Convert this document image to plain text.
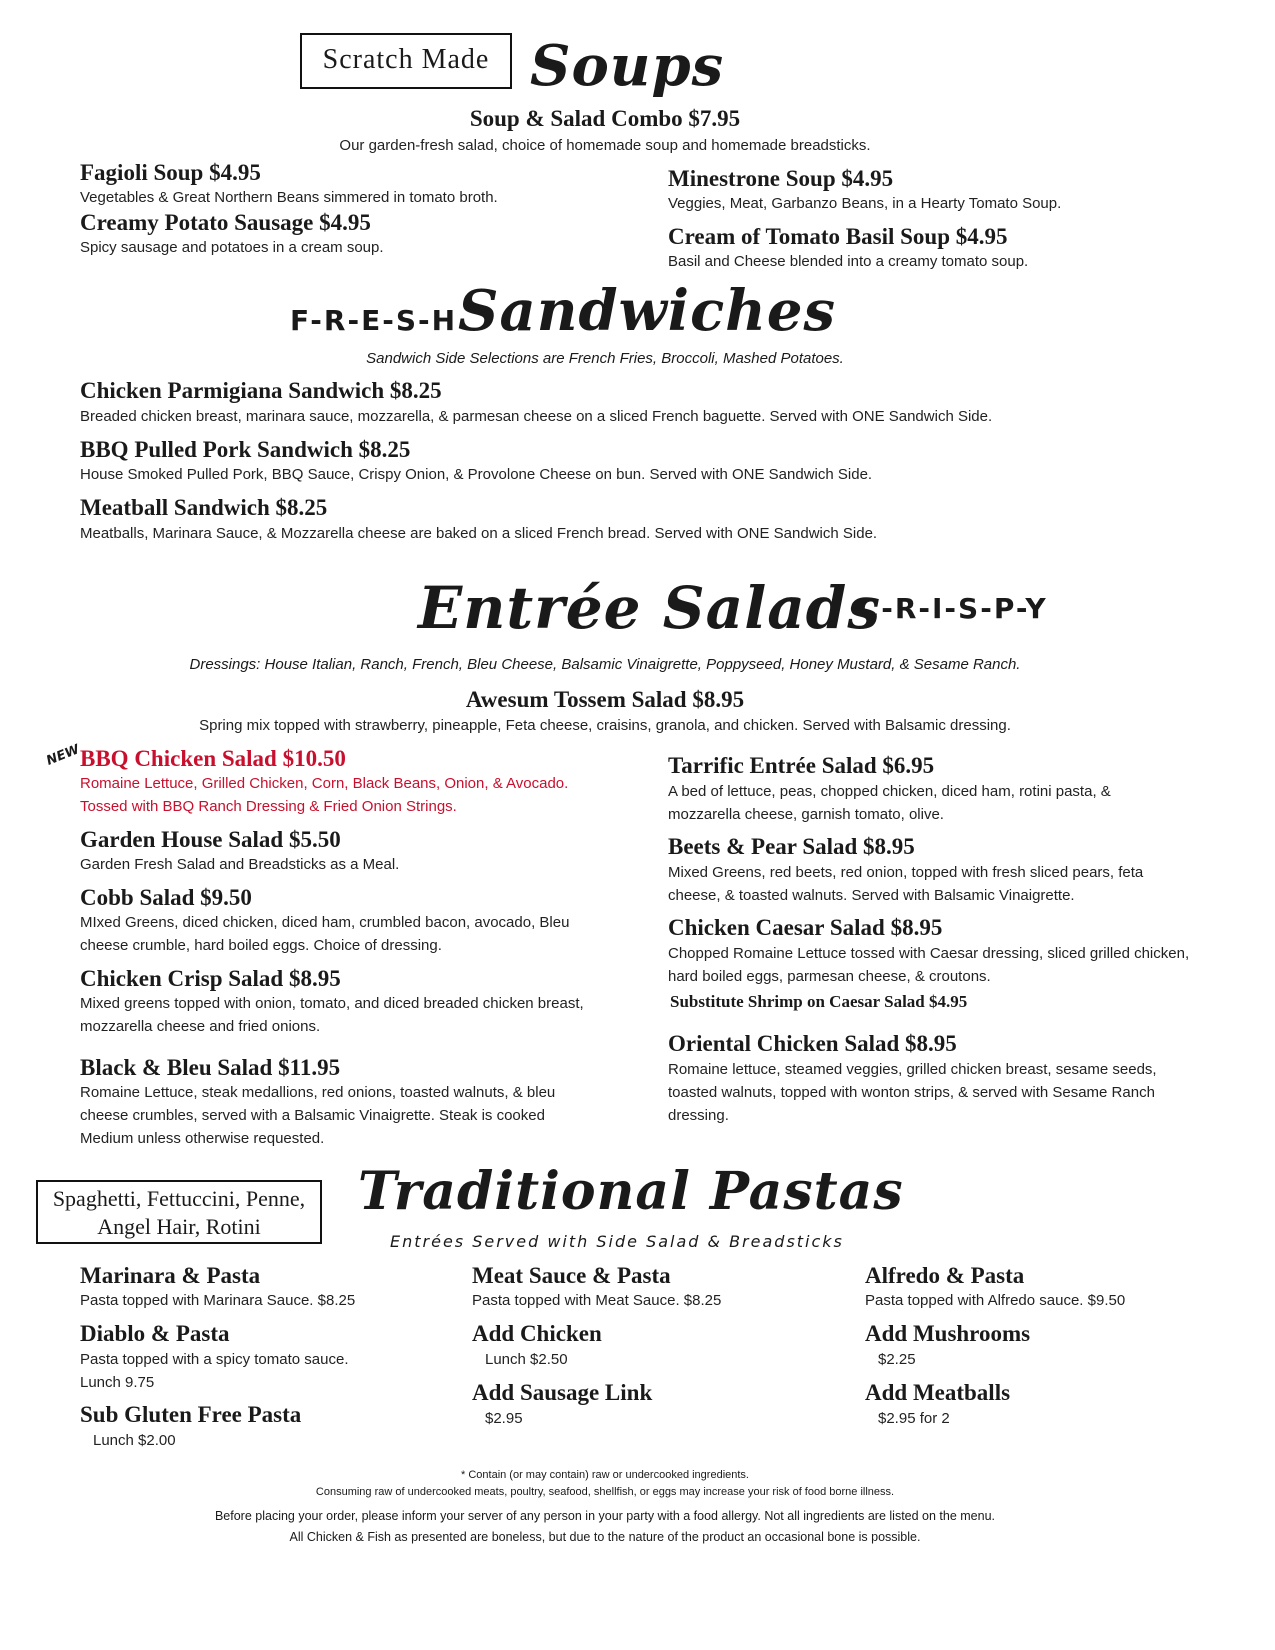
Scratch Made Soups
Soup & Salad Combo $7.95
Our garden-fresh salad, choice of homemade soup and homemade breadsticks.
Fagioli Soup $4.95
Vegetables & Great Northern Beans simmered in tomato broth.
Creamy Potato Sausage $4.95
Spicy sausage and potatoes in a cream soup.
Minestrone Soup $4.95
Veggies, Meat, Garbanzo Beans, in a Hearty Tomato Soup.
Cream of Tomato Basil Soup $4.95
Basil and Cheese blended into a creamy tomato soup.
F-R-E-S-H Sandwiches
Sandwich Side Selections are French Fries, Broccoli, Mashed Potatoes.
Chicken Parmigiana Sandwich $8.25
Breaded chicken breast, marinara sauce, mozzarella, & parmesan cheese on a sliced French baguette. Served with ONE Sandwich Side.
BBQ Pulled Pork Sandwich $8.25
House Smoked Pulled Pork, BBQ Sauce, Crispy Onion, & Provolone Cheese on bun. Served with ONE Sandwich Side.
Meatball Sandwich $8.25
Meatballs, Marinara Sauce, & Mozzarella cheese are baked on a sliced French bread. Served with ONE Sandwich Side.
Entrée Salads
C-R-I-S-P-Y
Dressings: House Italian, Ranch, French, Bleu Cheese, Balsamic Vinaigrette, Poppyseed, Honey Mustard, & Sesame Ranch.
Awesum Tossem Salad $8.95
Spring mix topped with strawberry, pineapple, Feta cheese, craisins, granola, and chicken. Served with Balsamic dressing.
NEW
BBQ Chicken Salad $10.50
Romaine Lettuce, Grilled Chicken, Corn, Black Beans, Onion, & Avocado.
Tossed with BBQ Ranch Dressing & Fried Onion Strings.
Garden House Salad $5.50
Garden Fresh Salad and Breadsticks as a Meal.
Cobb Salad $9.50
MIxed Greens, diced chicken, diced ham, crumbled bacon, avocado, Bleu
cheese crumble, hard boiled eggs. Choice of dressing.
Chicken Crisp Salad $8.95
Mixed greens topped with onion, tomato, and diced breaded chicken breast,
mozzarella cheese and fried onions.
Black & Bleu Salad $11.95
Romaine Lettuce, steak medallions, red onions, toasted walnuts, & bleu
cheese crumbles, served with a Balsamic Vinaigrette. Steak is cooked
Medium unless otherwise requested.
Tarrific Entrée Salad $6.95
A bed of lettuce, peas, chopped chicken, diced ham, rotini pasta, &
mozzarella cheese, garnish tomato, olive.
Beets & Pear Salad $8.95
Mixed Greens, red beets, red onion, topped with fresh sliced pears, feta
cheese, & toasted walnuts. Served with Balsamic Vinaigrette.
Chicken Caesar Salad $8.95
Chopped Romaine Lettuce tossed with Caesar dressing, sliced grilled chicken,
hard boiled eggs, parmesan cheese, & croutons.
Substitute Shrimp on Caesar Salad $4.95
Oriental Chicken Salad $8.95
Romaine lettuce, steamed veggies, grilled chicken breast, sesame seeds,
toasted walnuts, topped with wonton strips, & served with Sesame Ranch
dressing.
Spaghetti, Fettuccini, Penne,
Angel Hair, Rotini
Traditional Pastas
Entrées Served with Side Salad & Breadsticks
Marinara & Pasta
Pasta topped with Marinara Sauce. $8.25
Diablo & Pasta
Pasta topped with a spicy tomato sauce.
Lunch 9.75
Sub Gluten Free Pasta
Lunch $2.00
Meat Sauce & Pasta
Pasta topped with Meat Sauce. $8.25
Add Chicken
Lunch $2.50
Add Sausage Link
$2.95
Alfredo & Pasta
Pasta topped with Alfredo sauce. $9.50
Add Mushrooms
$2.25
Add Meatballs
$2.95 for 2
* Contain (or may contain) raw or undercooked ingredients.
Consuming raw of undercooked meats, poultry, seafood, shellfish, or eggs may increase your risk of food borne illness.
Before placing your order, please inform your server of any person in your party with a food allergy. Not all ingredients are listed on the menu.
All Chicken & Fish as presented are boneless, but due to the nature of the product an occasional bone is possible.
